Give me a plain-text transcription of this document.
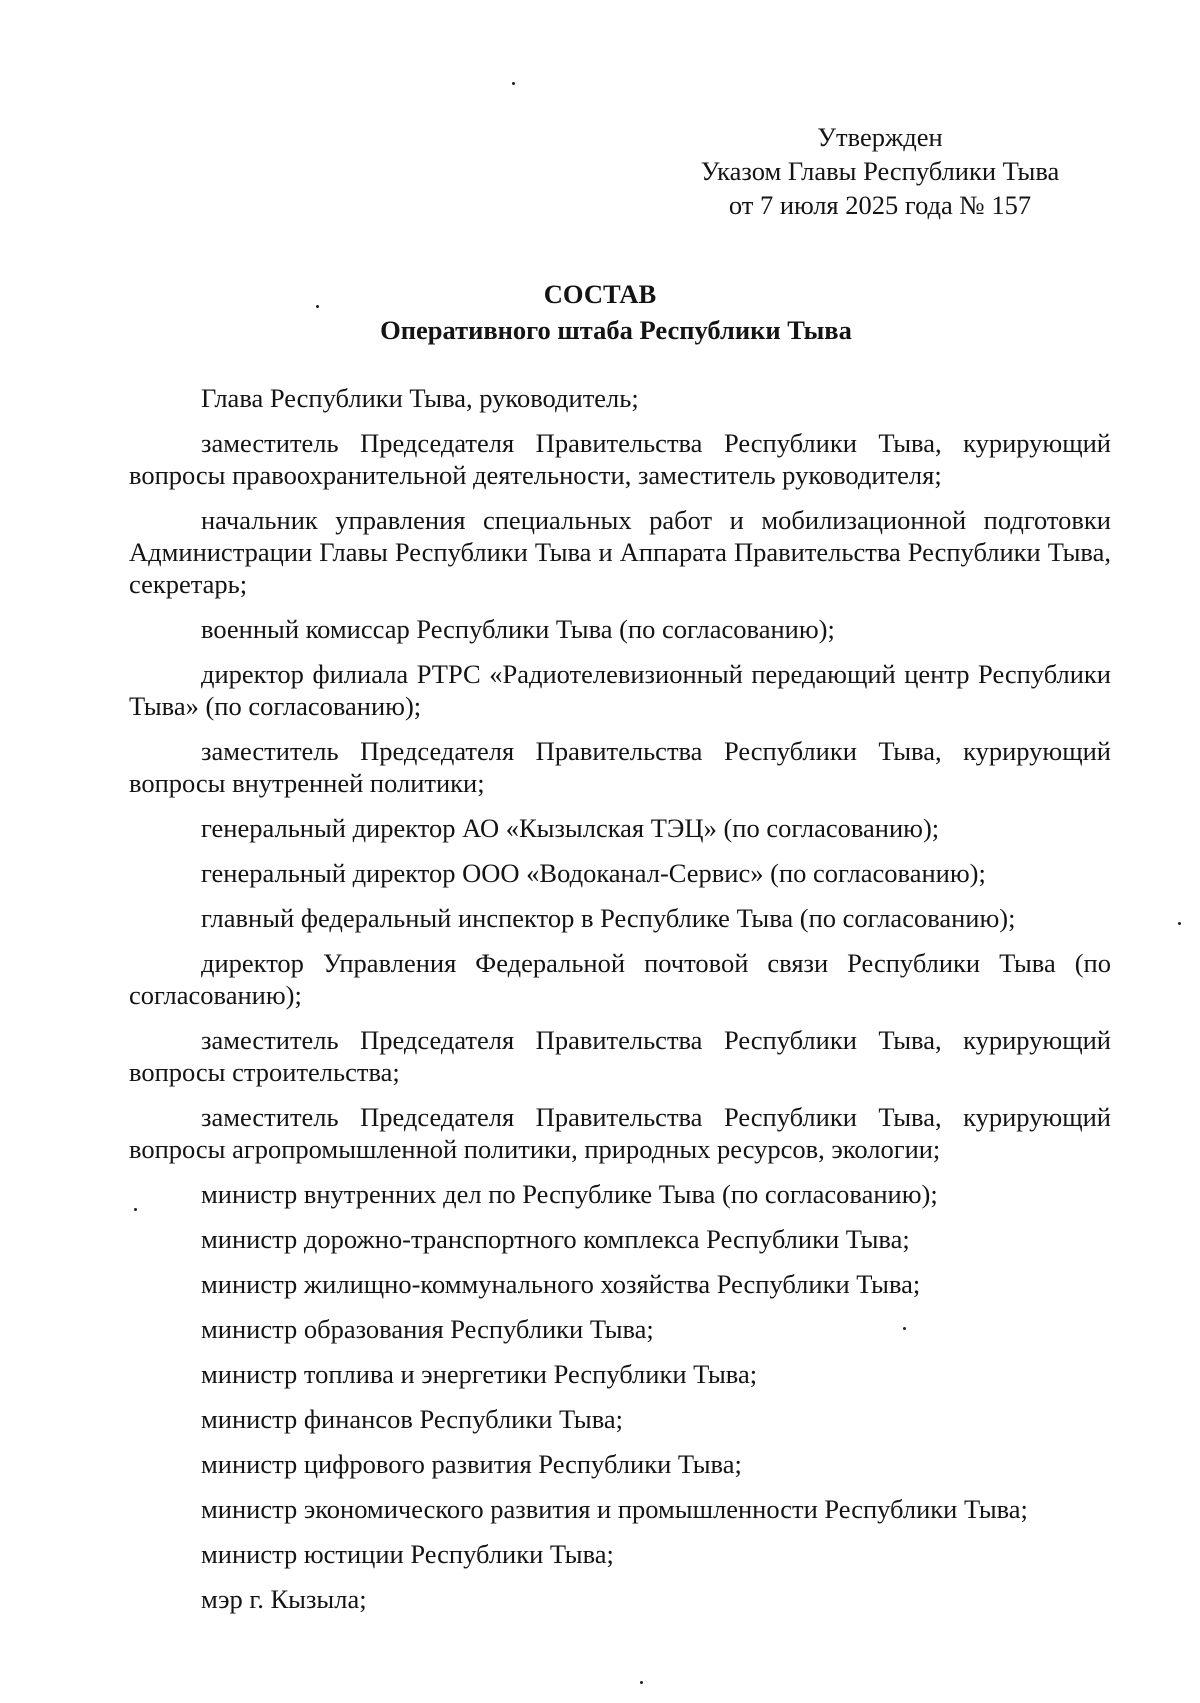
Утвержден
Указом Главы Республики Тыва
от 7 июля 2025 года № 157
СОСТАВ
Оперативного штаба Республики Тыва

Глава Республики Тыва, руководитель;

заместитель Председателя Правительства Республики Тыва, курирующий вопросы правоохранительной деятельности, заместитель руководителя;

начальник управления специальных работ и мобилизационной подготовки Администрации Главы Республики Тыва и Аппарата Правительства Республики Тыва, секретарь;

военный комиссар Республики Тыва (по согласованию);

директор филиала РТРС «Радиотелевизионный передающий центр Республики Тыва» (по согласованию);

заместитель Председателя Правительства Республики Тыва, курирующий вопросы внутренней политики;

генеральный директор АО «Кызылская ТЭЦ» (по согласованию);

генеральный директор ООО «Водоканал-Сервис» (по согласованию);

главный федеральный инспектор в Республике Тыва (по согласованию);

директор Управления Федеральной почтовой связи Республики Тыва (по согласованию);

заместитель Председателя Правительства Республики Тыва, курирующий вопросы строительства;

заместитель Председателя Правительства Республики Тыва, курирующий вопросы агропромышленной политики, природных ресурсов, экологии;

министр внутренних дел по Республике Тыва (по согласованию);

министр дорожно-транспортного комплекса Республики Тыва;

министр жилищно-коммунального хозяйства Республики Тыва;

министр образования Республики Тыва;

министр топлива и энергетики Республики Тыва;

министр финансов Республики Тыва;

министр цифрового развития Республики Тыва;

министр экономического развития и промышленности Республики Тыва;

министр юстиции Республики Тыва;

мэр г. Кызыла;
